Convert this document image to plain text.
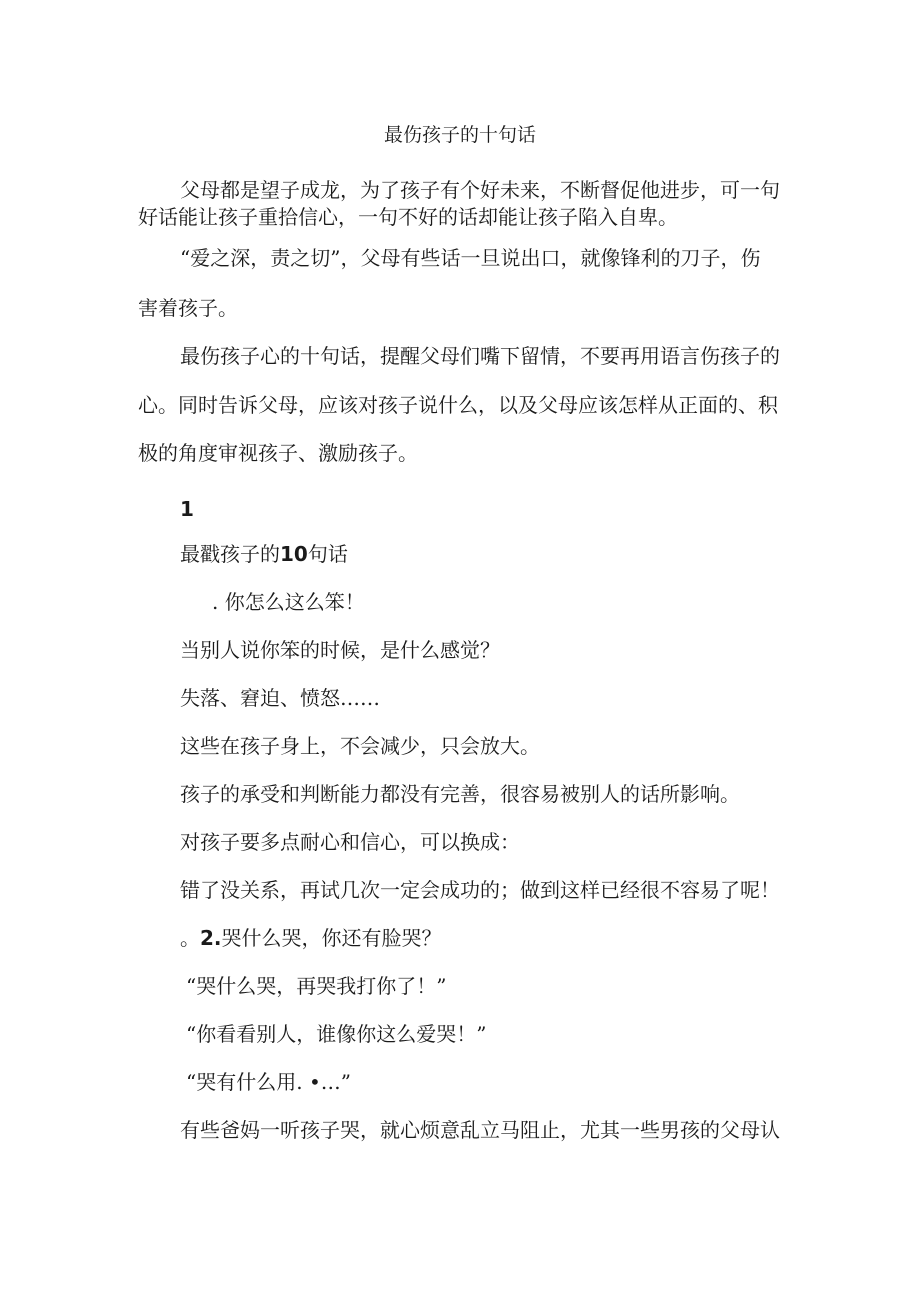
最伤孩子的十句话

父母都是望子成龙，为了孩子有个好未来，不断督促他进步，可一句

好话能让孩子重拾信心，一句不好的话却能让孩子陷入自卑。

“爱之深，责之切”，父母有些话一旦说出口，就像锋利的刀子，伤

害着孩子。

最伤孩子心的十句话，提醒父母们嘴下留情，不要再用语言伤孩子的

心。同时告诉父母，应该对孩子说什么，以及父母应该怎样从正面的、积

极的角度审视孩子、激励孩子。

1

最戳孩子的10句话

. 你怎么这么笨！

当别人说你笨的时候，是什么感觉？

失落、窘迫、愤怒……

这些在孩子身上，不会减少，只会放大。

孩子的承受和判断能力都没有完善，很容易被别人的话所影响。

对孩子要多点耐心和信心，可以换成：

错了没关系，再试几次一定会成功的；做到这样已经很不容易了呢！

。2.哭什么哭，你还有脸哭？

“哭什么哭，再哭我打你了！”

“你看看别人，谁像你这么爱哭！”

“哭有什么用. •…”

有些爸妈一听孩子哭，就心烦意乱立马阻止，尤其一些男孩的父母认
